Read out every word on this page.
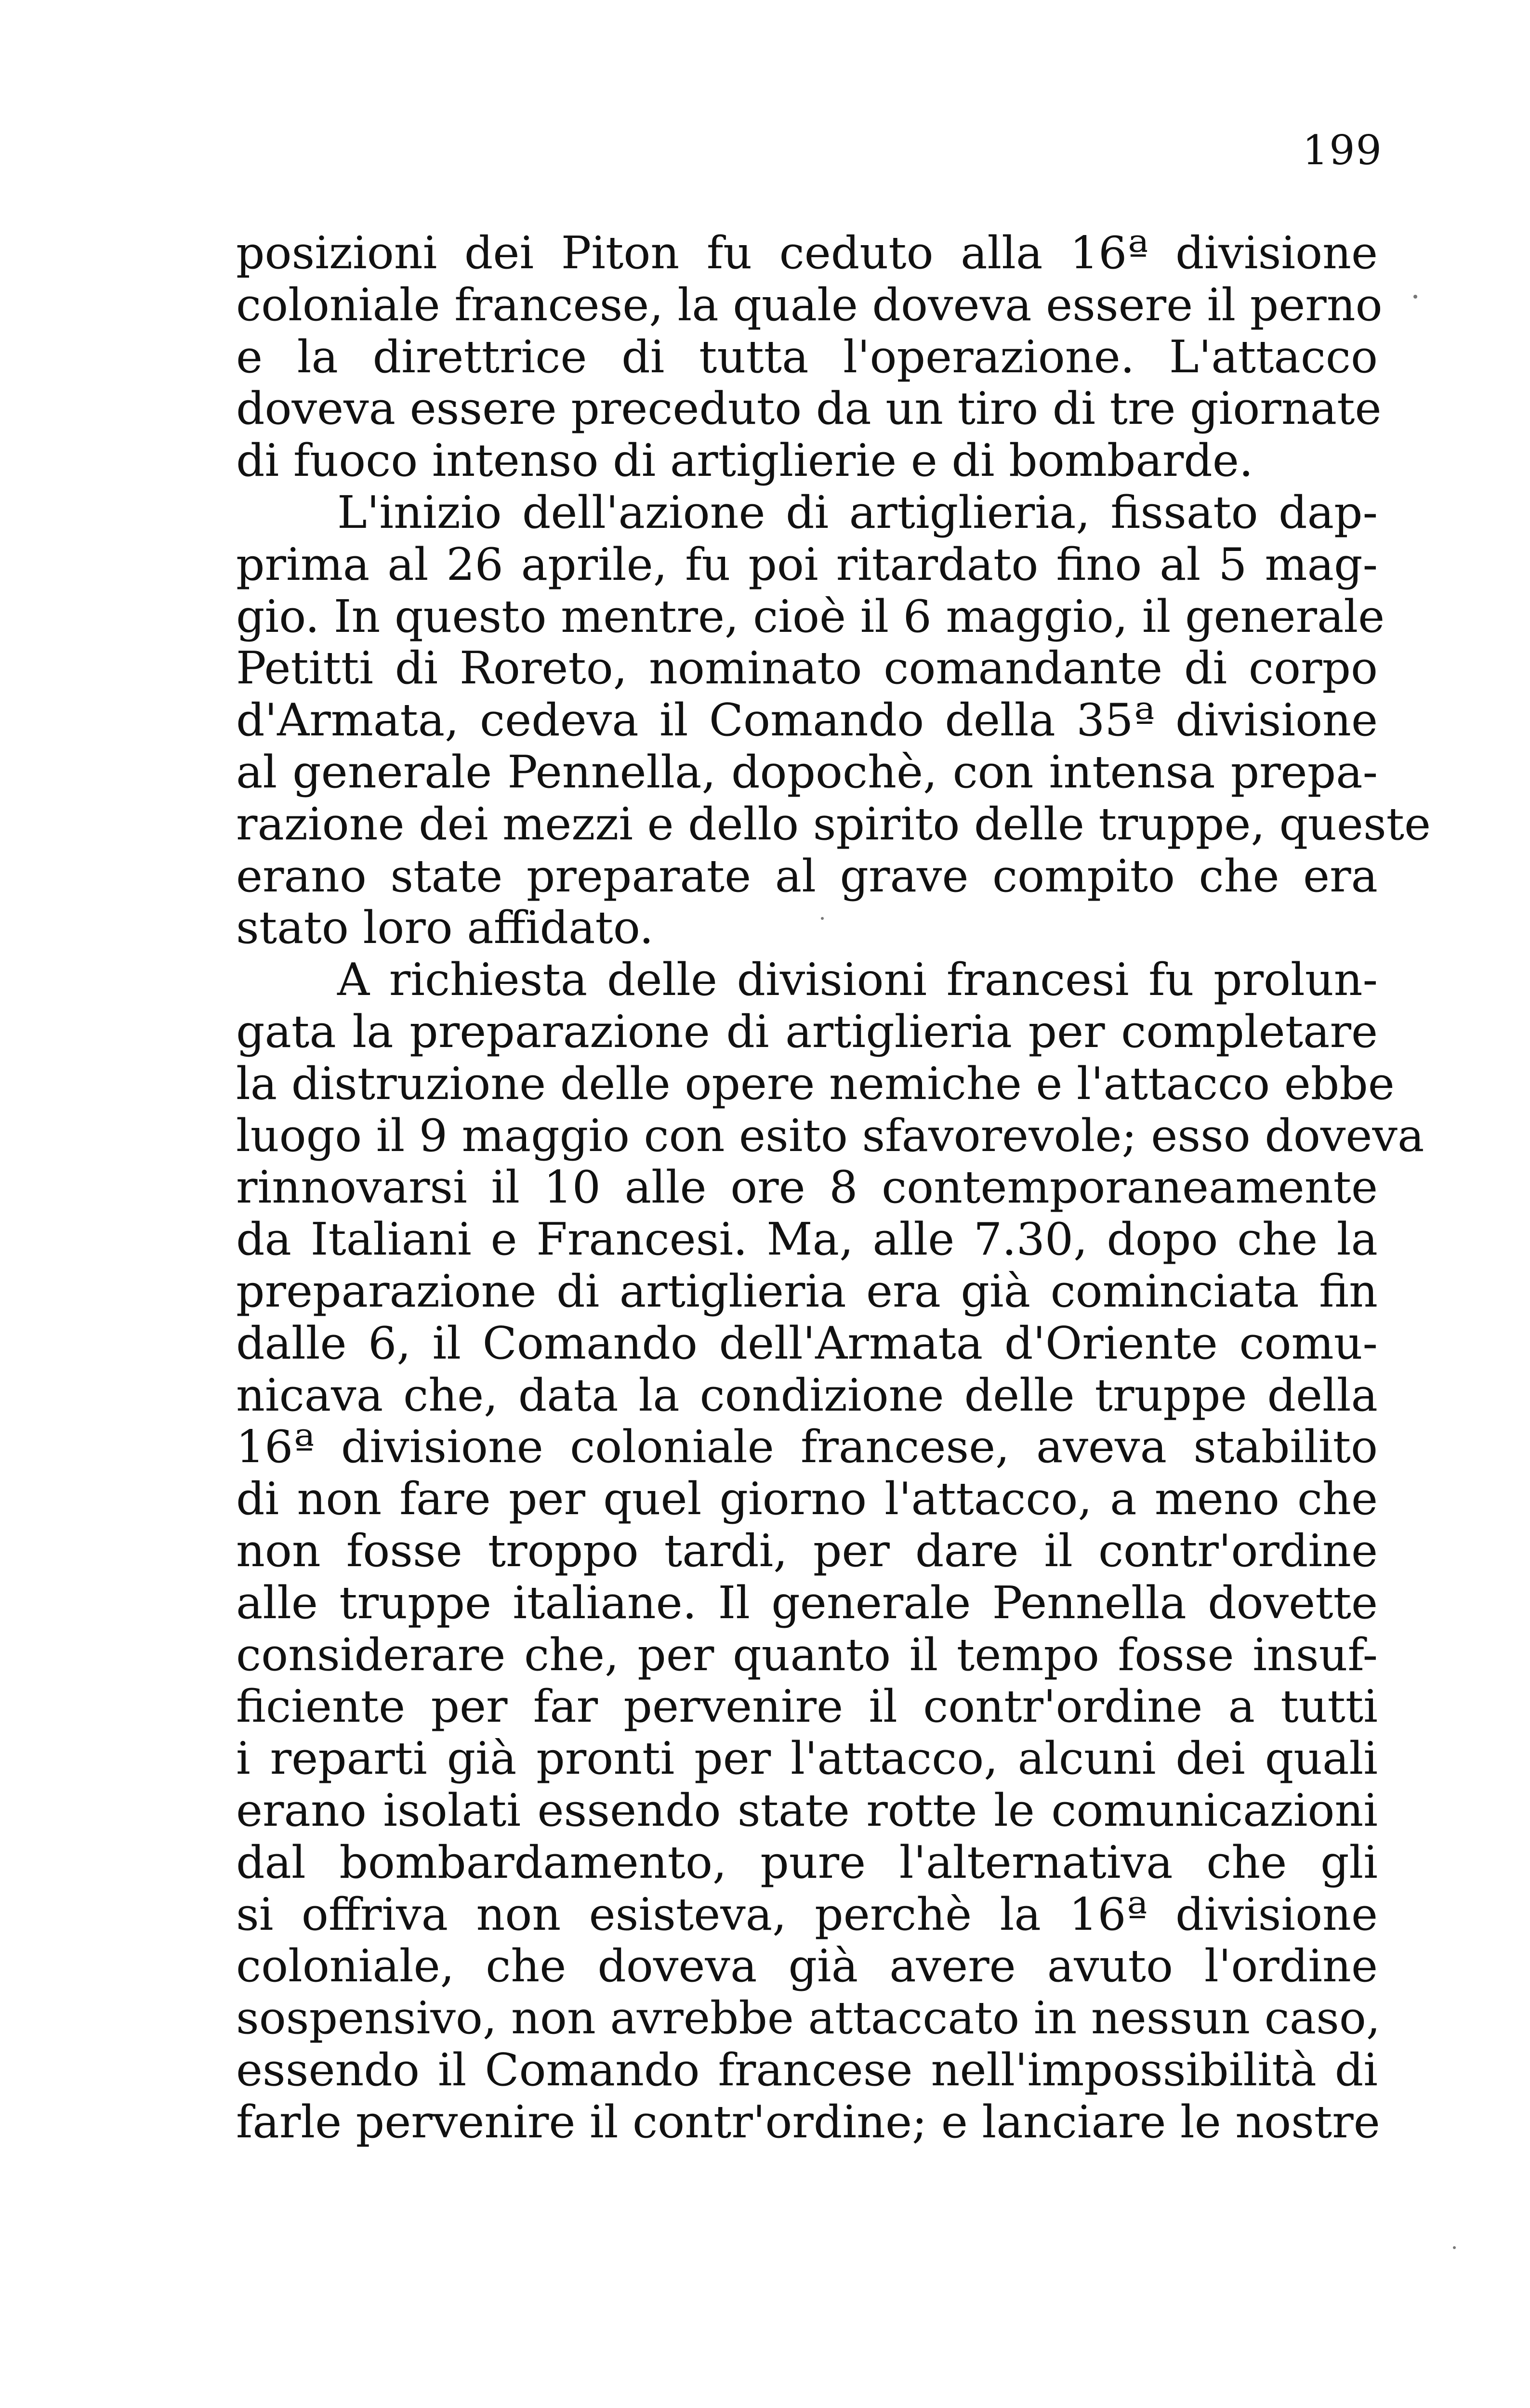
199
posizioni dei Piton fu ceduto alla 16ª divisione
coloniale francese, la quale doveva essere il perno
e la direttrice di tutta l'operazione. L'attacco
doveva essere preceduto da un tiro di tre giornate
di fuoco intenso di artiglierie e di bombarde.
L'inizio dell'azione di artiglieria, fissato dap-
prima al 26 aprile, fu poi ritardato fino al 5 mag-
gio. In questo mentre, cioè il 6 maggio, il generale
Petitti di Roreto, nominato comandante di corpo
d'Armata, cedeva il Comando della 35ª divisione
al generale Pennella, dopochè, con intensa prepa-
razione dei mezzi e dello spirito delle truppe, queste
erano state preparate al grave compito che era
stato loro affidato.
A richiesta delle divisioni francesi fu prolun-
gata la preparazione di artiglieria per completare
la distruzione delle opere nemiche e l'attacco ebbe
luogo il 9 maggio con esito sfavorevole; esso doveva
rinnovarsi il 10 alle ore 8 contemporaneamente
da Italiani e Francesi. Ma, alle 7.30, dopo che la
preparazione di artiglieria era già cominciata fin
dalle 6, il Comando dell'Armata d'Oriente comu-
nicava che, data la condizione delle truppe della
16ª divisione coloniale francese, aveva stabilito
di non fare per quel giorno l'attacco, a meno che
non fosse troppo tardi, per dare il contr'ordine
alle truppe italiane. Il generale Pennella dovette
considerare che, per quanto il tempo fosse insuf-
ficiente per far pervenire il contr'ordine a tutti
i reparti già pronti per l'attacco, alcuni dei quali
erano isolati essendo state rotte le comunicazioni
dal bombardamento, pure l'alternativa che gli
si offriva non esisteva, perchè la 16ª divisione
coloniale, che doveva già avere avuto l'ordine
sospensivo, non avrebbe attaccato in nessun caso,
essendo il Comando francese nell'impossibilità di
farle pervenire il contr'ordine; e lanciare le nostre
